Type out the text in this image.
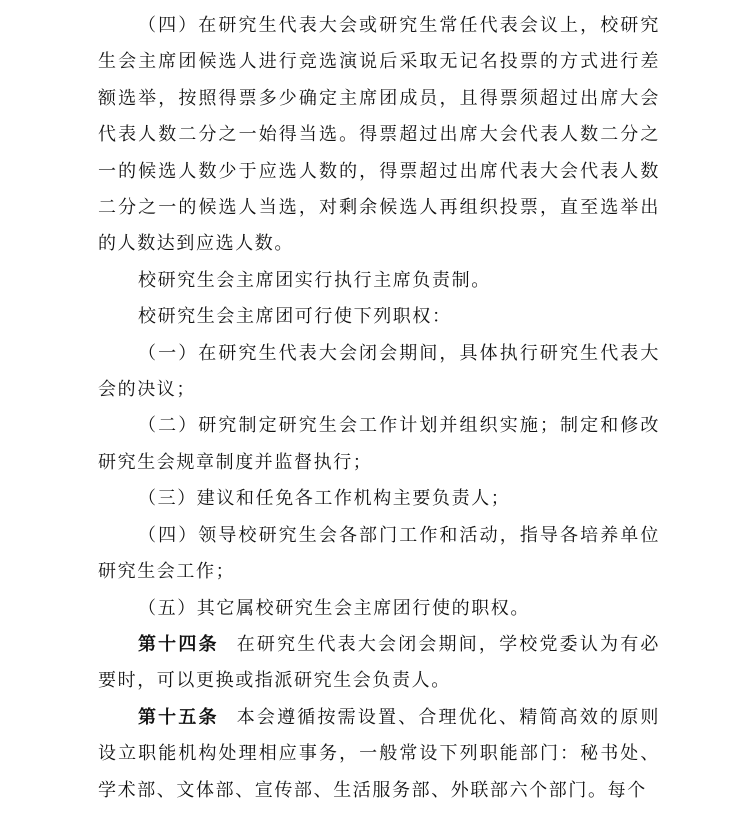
（四）在研究生代表大会或研究生常任代表会议上，校研究生会主席团候选人进行竞选演说后采取无记名投票的方式进行差额选举，按照得票多少确定主席团成员，且得票须超过出席大会代表人数二分之一始得当选。得票超过出席大会代表人数二分之一的候选人数少于应选人数的，得票超过出席代表大会代表人数二分之一的候选人当选，对剩余候选人再组织投票，直至选举出的人数达到应选人数。

校研究生会主席团实行执行主席负责制。

校研究生会主席团可行使下列职权：

（一）在研究生代表大会闭会期间，具体执行研究生代表大会的决议；

（二）研究制定研究生会工作计划并组织实施；制定和修改研究生会规章制度并监督执行；

（三）建议和任免各工作机构主要负责人；

（四）领导校研究生会各部门工作和活动，指导各培养单位研究生会工作；

（五）其它属校研究生会主席团行使的职权。

第十四条 在研究生代表大会闭会期间，学校党委认为有必要时，可以更换或指派研究生会负责人。

第十五条 本会遵循按需设置、合理优化、精简高效的原则设立职能机构处理相应事务，一般常设下列职能部门：秘书处、学术部、文体部、宣传部、生活服务部、外联部六个部门。每个
